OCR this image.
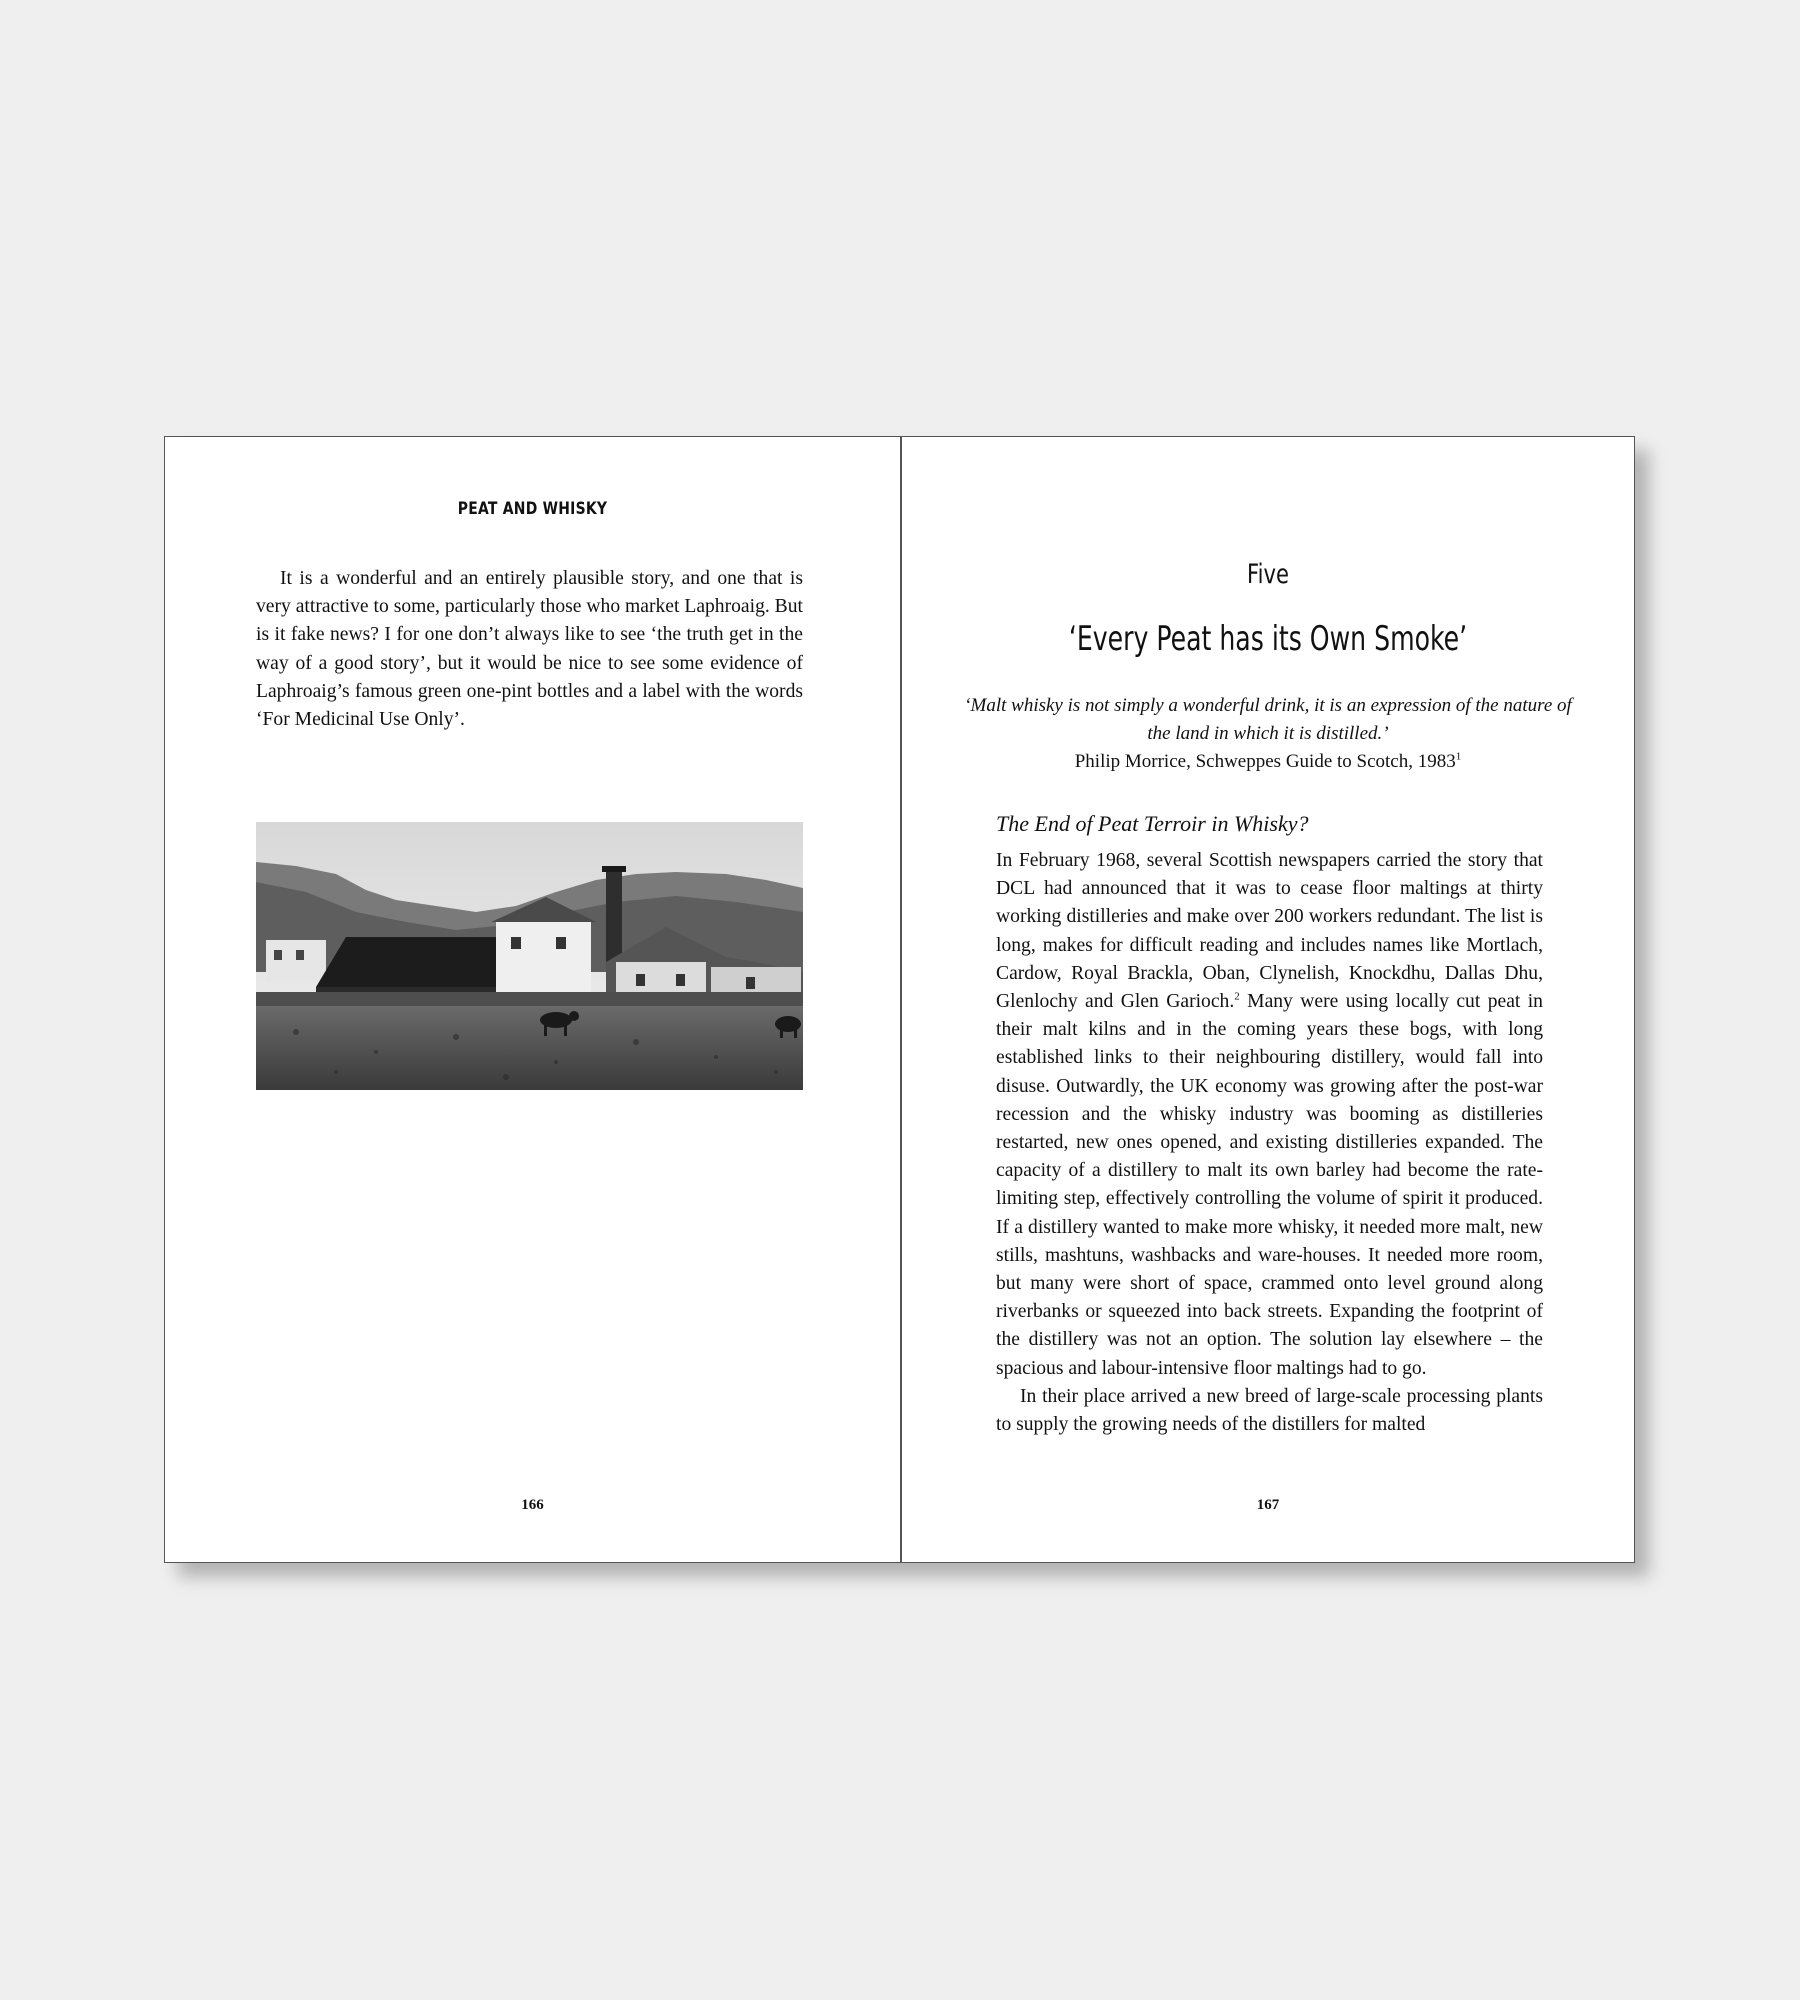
PEAT AND WHISKY

It is a wonderful and an entirely plausible story, and one that is very attractive to some, particularly those who market Laphroaig. But is it fake news? I for one don’t always like to see ‘the truth get in the way of a good story’, but it would be nice to see some evidence of Laphroaig’s famous green one-pint bottles and a label with the words ‘For Medicinal Use Only’.

166
Five
‘Every Peat has its Own Smoke’
‘Malt whisky is not simply a wonderful drink, it is an expression of the nature of the land in which it is distilled.’
Philip Morrice, Schweppes Guide to Scotch, 1983$^1$
The End of Peat Terroir in Whisky?

In February 1968, several Scottish newspapers carried the story that DCL had announced that it was to cease floor maltings at thirty working distilleries and make over 200 workers redundant. The list is long, makes for difficult reading and includes names like Mortlach, Cardow, Royal Brackla, Oban, Clynelish, Knockdhu, Dallas Dhu, Glenlochy and Glen Garioch.$^2$ Many were using locally cut peat in their malt kilns and in the coming years these bogs, with long established links to their neighbouring distillery, would fall into disuse. Outwardly, the UK economy was growing after the post-war recession and the whisky industry was booming as distilleries restarted, new ones opened, and existing distilleries expanded. The capacity of a distillery to malt its own barley had become the rate-limiting step, effectively controlling the volume of spirit it produced. If a distillery wanted to make more whisky, it needed more malt, new stills, mashtuns, washbacks and ware-houses. It needed more room, but many were short of space, crammed onto level ground along riverbanks or squeezed into back streets. Expanding the footprint of the distillery was not an option. The solution lay elsewhere – the spacious and labour-intensive floor maltings had to go.

In their place arrived a new breed of large-scale processing plants to supply the growing needs of the distillers for malted

167
